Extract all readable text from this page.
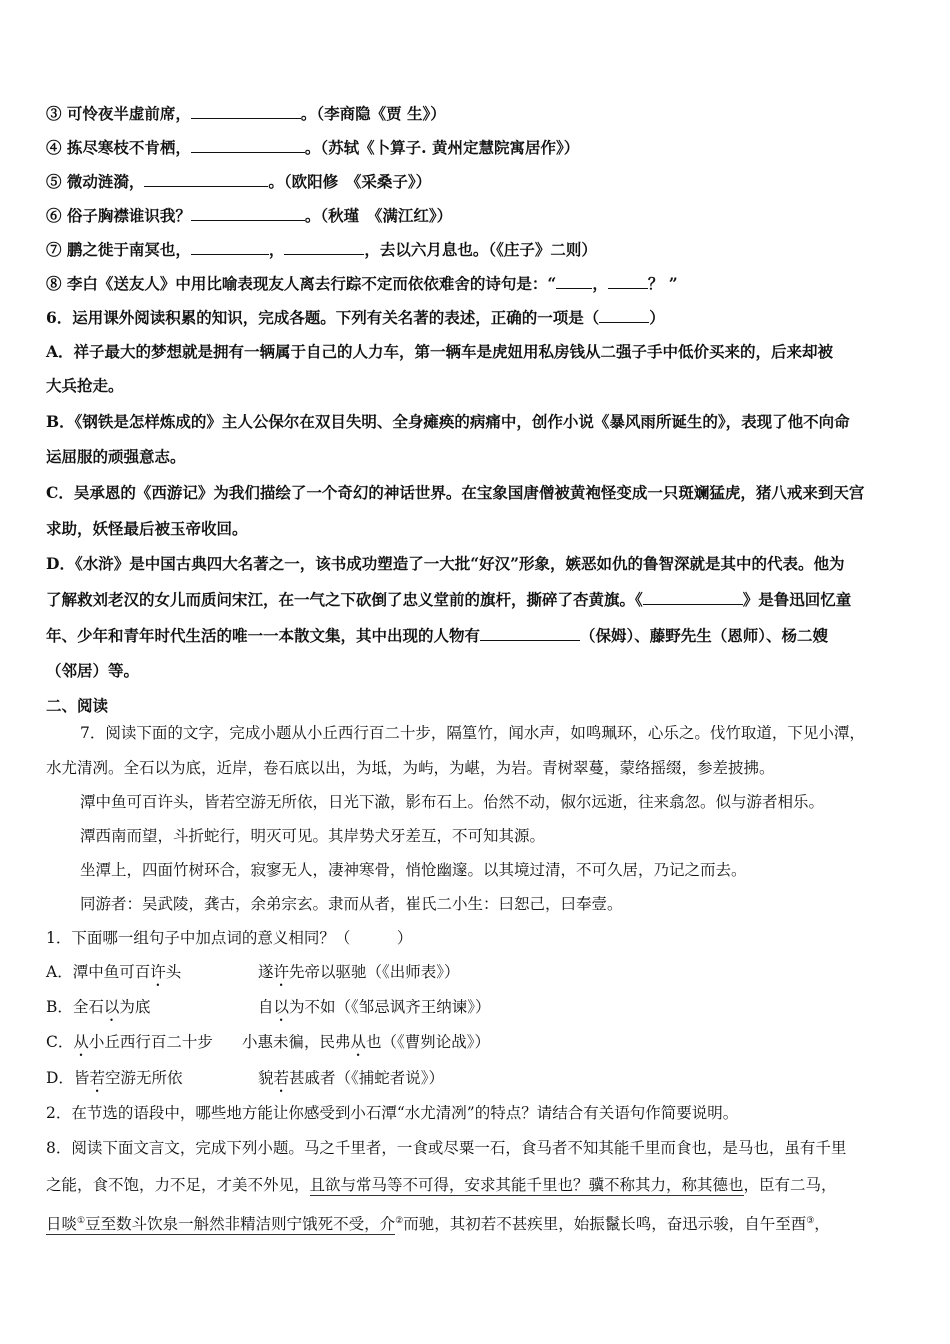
③ 可怜夜半虚前席，	。（李商隐《贾 生》）
④ 拣尽寒枝不肯栖，	。（苏轼《卜算子. 黄州定慧院寓居作》）
⑤ 微动涟漪，	。（欧阳修　《采桑子》）
⑥ 俗子胸襟谁识我？	。（秋瑾　《满江红》）
⑦ 鹏之徙于南冥也，	，	，去以六月息也。（《庄子》二则）
⑧ 李白《送友人》中用比喻表现友人离去行踪不定而依依难舍的诗句是：“ ，	？ ”
6．运用课外阅读积累的知识，完成各题。下列有关名著的表述，正确的一项是（	）
A．祥子最大的梦想就是拥有一辆属于自己的人力车，第一辆车是虎妞用私房钱从二强子手中低价买来的，后来却被
大兵抢走。
B．《钢铁是怎样炼成的》主人公保尔在双目失明、全身瘫痪的病痛中，创作小说《暴风雨所诞生的》，表现了他不向命
运屈服的顽强意志。
C．吴承恩的《西游记》为我们描绘了一个奇幻的神话世界。在宝象国唐僧被黄袍怪变成一只斑斓猛虎，猪八戒来到天宫
求助，妖怪最后被玉帝收回。
D．《水浒》是中国古典四大名著之一，该书成功塑造了一大批“好汉”形象，嫉恶如仇的鲁智深就是其中的代表。他为
了解救刘老汉的女儿而质问宋江，在一气之下砍倒了忠义堂前的旗杆，撕碎了杏黄旗。《	》是鲁迅回忆童
年、少年和青年时代生活的唯一一本散文集，其中出现的人物有	（保姆）、藤野先生（恩师）、杨二嫂
（邻居）等。
二、阅读
7．阅读下面的文字，完成小题从小丘西行百二十步，隔篁竹，闻水声，如鸣珮环，心乐之。伐竹取道，下见小潭，
水尤清冽。全石以为底，近岸，卷石底以出，为坻，为屿，为嵁，为岩。青树翠蔓，蒙络摇缀，参差披拂。
潭中鱼可百许头，皆若空游无所依，日光下澈，影布石上。佁然不动，俶尔远逝，往来翕忽。似与游者相乐。
潭西南而望，斗折蛇行，明灭可见。其岸势犬牙差互，不可知其源。
坐潭上，四面竹树环合，寂寥无人，凄神寒骨，悄怆幽邃。以其境过清，不可久居，乃记之而去。
同游者：吴武陵，龚古，余弟宗玄。隶而从者，崔氏二小生：曰恕己，曰奉壹。
1．下面哪一组句子中加点词的意义相同？（　　　）
A．潭中鱼可百许头	遂许先帝以驱驰（《出师表》）
B．全石以为底	自以为不如（《邹忌讽齐王纳谏》）
C．从小丘西行百二十步 小惠未徧，民弗从也（《曹刿论战》）
D．皆若空游无所依	貌若甚戚者（《捕蛇者说》）
2．在节选的语段中，哪些地方能让你感受到小石潭“水尤清冽”的特点？请结合有关语句作简要说明。
8．阅读下面文言文，完成下列小题。马之千里者，一食或尽粟一石，食马者不知其能千里而食也，是马也，虽有千里
之能，食不饱，力不足，才美不外见，且欲与常马等不可得，安求其能千里也？骥不称其力，称其德也，臣有二马，
日啖①豆至数斗饮泉一斛然非精洁则宁饿死不受，介②而驰，其初若不甚疾里，始振鬣长鸣，奋迅示骏，自午至酉③，
